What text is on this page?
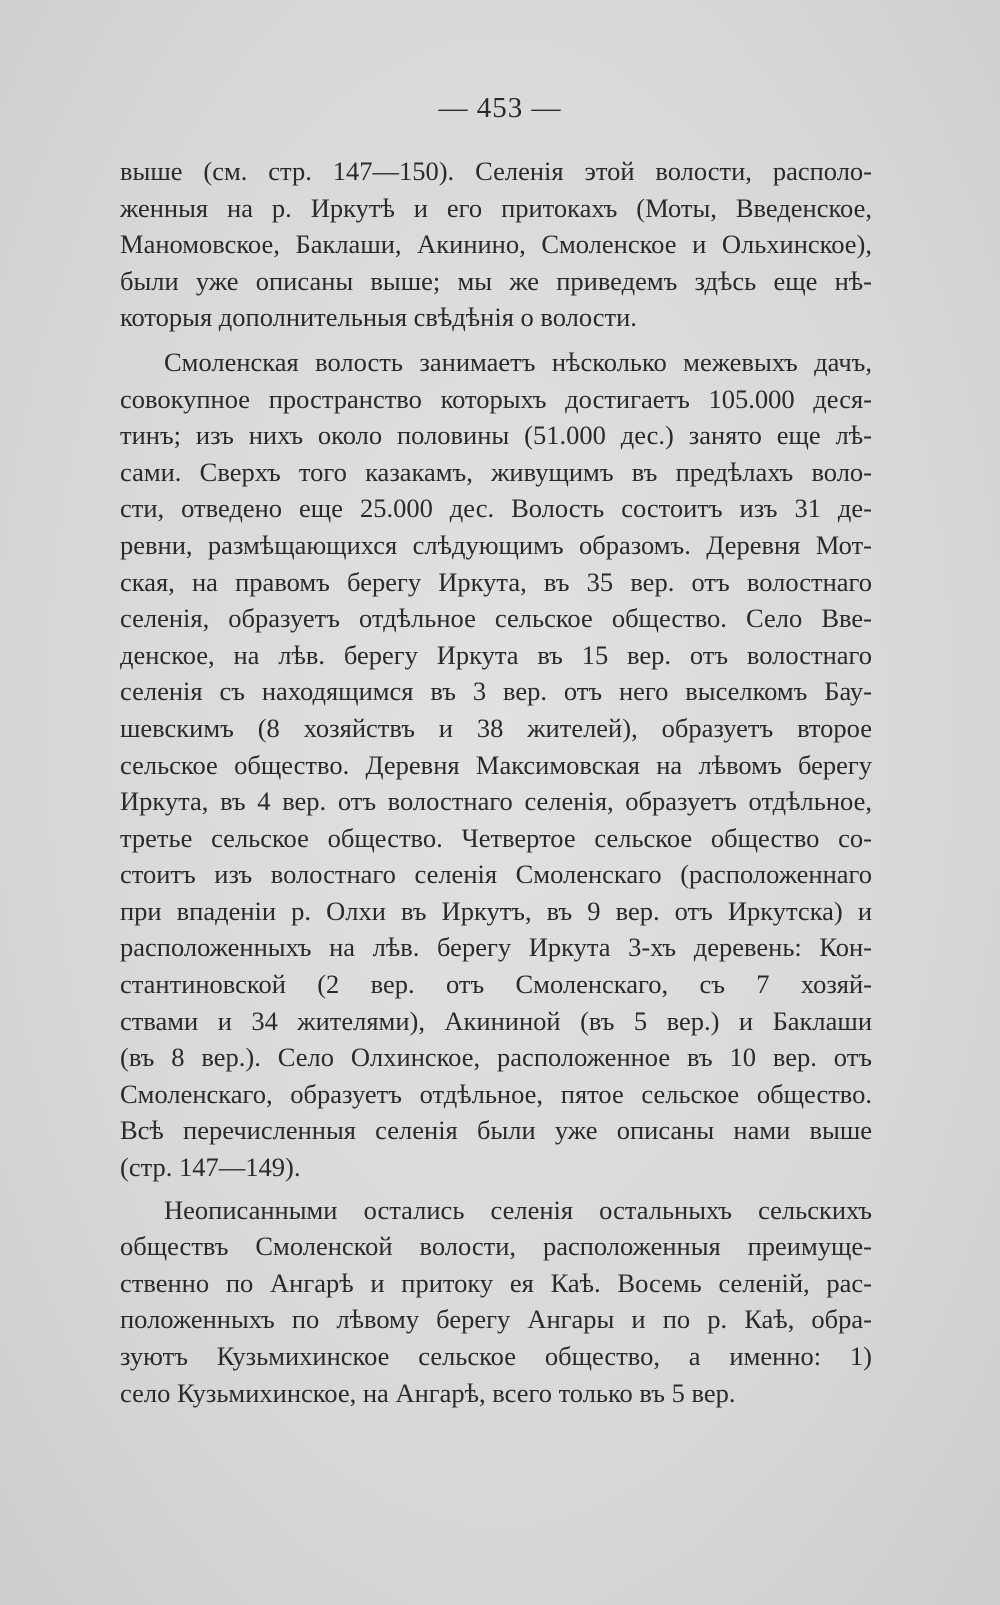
— 453 —
выше (см. стр. 147—150). Селенія этой волости, располо-
женныя на р. Иркутѣ и его притокахъ (Моты, Введенское,
Маномовское, Баклаши, Акинино, Смоленское и Ольхинское),
были уже описаны выше; мы же приведемъ здѣсь еще нѣ-
которыя дополнительныя свѣдѣнія о волости.
Смоленская волость занимаетъ нѣсколько межевыхъ дачъ,
совокупное пространство которыхъ достигаетъ 105.000 деся-
тинъ; изъ нихъ около половины (51.000 дес.) занято еще лѣ-
сами. Сверхъ того казакамъ, живущимъ въ предѣлахъ воло-
сти, отведено еще 25.000 дес. Волость состоитъ изъ 31 де-
ревни, размѣщающихся слѣдующимъ образомъ. Деревня Мот-
ская, на правомъ берегу Иркута, въ 35 вер. отъ волостнаго
селенія, образуетъ отдѣльное сельское общество. Село Вве-
денское, на лѣв. берегу Иркута въ 15 вер. отъ волостнаго
селенія съ находящимся въ 3 вер. отъ него выселкомъ Бау-
шевскимъ (8 хозяйствъ и 38 жителей), образуетъ второе
сельское общество. Деревня Максимовская на лѣвомъ берегу
Иркута, въ 4 вер. отъ волостнаго селенія, образуетъ отдѣльное,
третье сельское общество. Четвертое сельское общество со-
стоитъ изъ волостнаго селенія Смоленскаго (расположеннаго
при впаденіи р. Олхи въ Иркутъ, въ 9 вер. отъ Иркутска) и
расположенныхъ на лѣв. берегу Иркута 3-хъ деревень: Кон-
стантиновской (2 вер. отъ Смоленскаго, съ 7 хозяй-
ствами и 34 жителями), Акининой (въ 5 вер.) и Баклаши
(въ 8 вер.). Село Олхинское, расположенное въ 10 вер. отъ
Смоленскаго, образуетъ отдѣльное, пятое сельское общество.
Всѣ перечисленныя селенія были уже описаны нами выше
(стр. 147—149).
Неописанными остались селенія остальныхъ сельскихъ
обществъ Смоленской волости, расположенныя преимуще-
ственно по Ангарѣ и притоку ея Каѣ. Восемь селеній, рас-
положенныхъ по лѣвому берегу Ангары и по р. Каѣ, обра-
зуютъ Кузьмихинское сельское общество, а именно: 1)
село Кузьмихинское, на Ангарѣ, всего только въ 5 вер.
